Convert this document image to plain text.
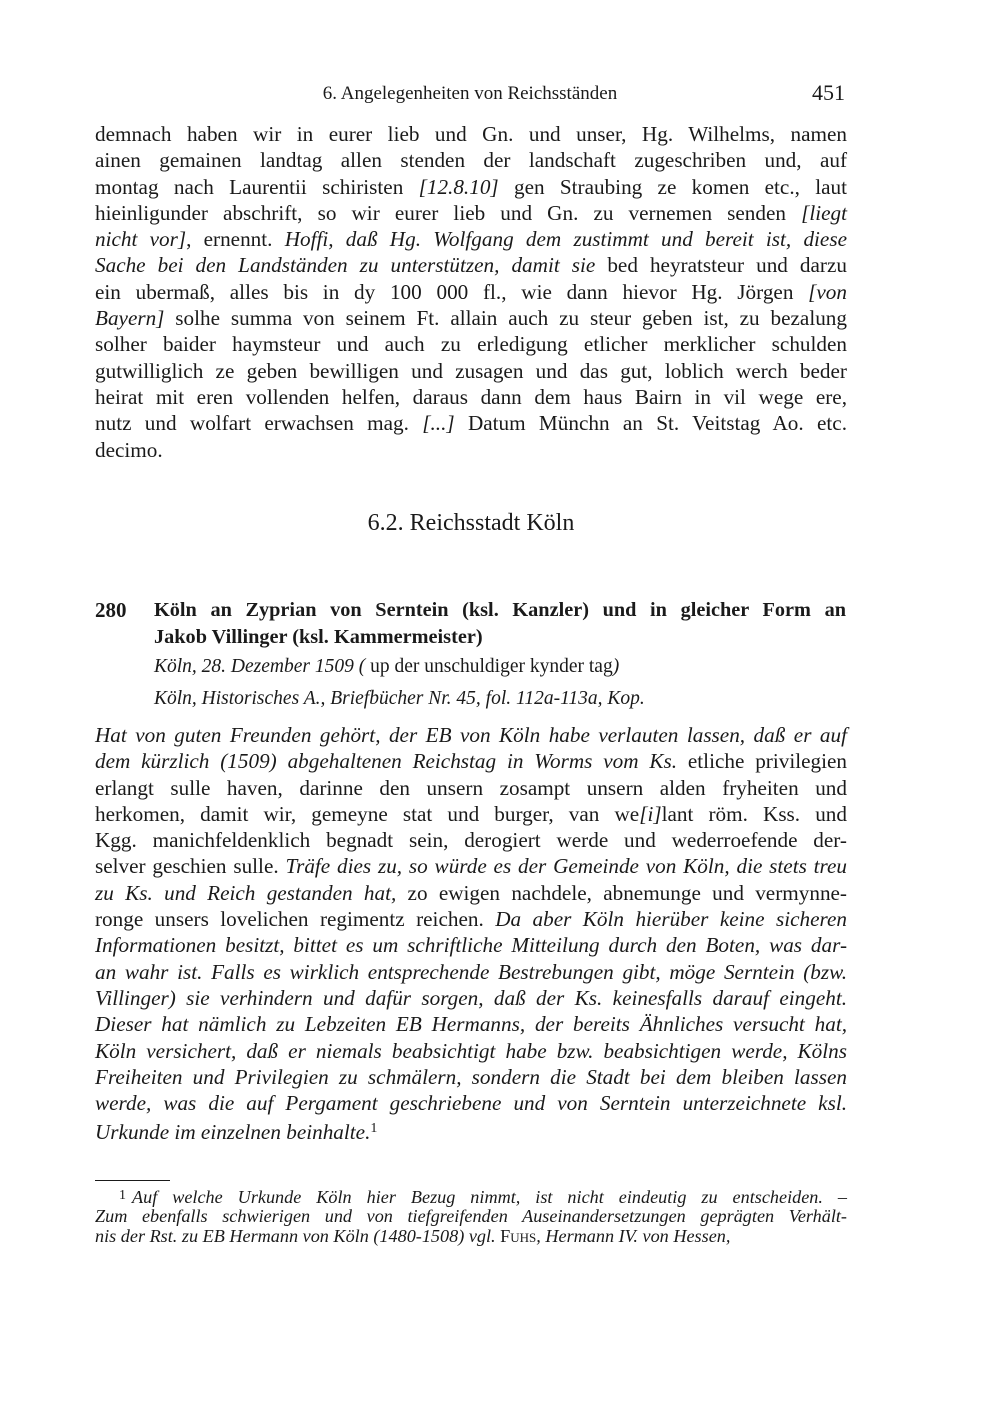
6. Angelegenheiten von Reichsständen	451
demnach haben wir in eurer lieb und Gn. und unser, Hg. Wilhelms, namen
ainen gemainen landtag allen stenden der landschaft zugeschriben und, auf
montag nach Laurentii schiristen [12.8.10] gen Straubing ze komen etc., laut
hieinligunder abschrift, so wir eurer lieb und Gn. zu vernemen senden [liegt
nicht vor], ernennt. Hoffi, daß Hg. Wolfgang dem zustimmt und bereit ist, diese
Sache bei den Landständen zu unterstützen, damit sie bed heyratsteur und darzu
ein ubermaß, alles bis in dy 100 000 fl., wie dann hievor Hg. Jörgen [von
Bayern] solhe summa von seinem Ft. allain auch zu steur geben ist, zu bezalung
solher baider haymsteur und auch zu erledigung etlicher merklicher schulden
gutwilliglich ze geben bewilligen und zusagen und das gut, loblich werch beder
heirat mit eren vollenden helfen, daraus dann dem haus Bairn in vil wege ere,
nutz und wolfart erwachsen mag. [...] Datum Münchn an St. Veitstag Ao. etc.
decimo.
6.2. Reichsstadt Köln
280 Köln an Zyprian von Serntein (ksl. Kanzler) und in gleicher Form an
Jakob Villinger (ksl. Kammermeister)
Köln, 28. Dezember 1509 ( up der unschuldiger kynder tag)
Köln, Historisches A., Briefbücher Nr. 45, fol. 112a-113a, Kop.
Hat von guten Freunden gehört, der EB von Köln habe verlauten lassen, daß er auf
dem kürzlich (1509) abgehaltenen Reichstag in Worms vom Ks. etliche privilegien
erlangt sulle haven, darinne den unsern zosampt unsern alden fryheiten und
herkomen, damit wir, gemeyne stat und burger, van we[i]lant röm. Kss. und
Kgg. manichfeldenklich begnadt sein, derogiert werde und wederroefende der-
selver geschien sulle. Träfe dies zu, so würde es der Gemeinde von Köln, die stets treu
zu Ks. und Reich gestanden hat, zo ewigen nachdele, abnemunge und vermynne-
ronge unsers lovelichen regimentz reichen. Da aber Köln hierüber keine sicheren
Informationen besitzt, bittet es um schriftliche Mitteilung durch den Boten, was dar-
an wahr ist. Falls es wirklich entsprechende Bestrebungen gibt, möge Serntein (bzw.
Villinger) sie verhindern und dafür sorgen, daß der Ks. keinesfalls darauf eingeht.
Dieser hat nämlich zu Lebzeiten EB Hermanns, der bereits Ähnliches versucht hat,
Köln versichert, daß er niemals beabsichtigt habe bzw. beabsichtigen werde, Kölns
Freiheiten und Privilegien zu schmälern, sondern die Stadt bei dem bleiben lassen
werde, was die auf Pergament geschriebene und von Serntein unterzeichnete ksl.
Urkunde im einzelnen beinhalte.$^1$
$^1$ Auf welche Urkunde Köln hier Bezug nimmt, ist nicht eindeutig zu entscheiden. –
Zum ebenfalls schwierigen und von tiefgreifenden Auseinandersetzungen geprägten Verhält-
nis der Rst. zu EB Hermann von Köln (1480-1508) vgl. Fuhs, Hermann IV. von Hessen,
